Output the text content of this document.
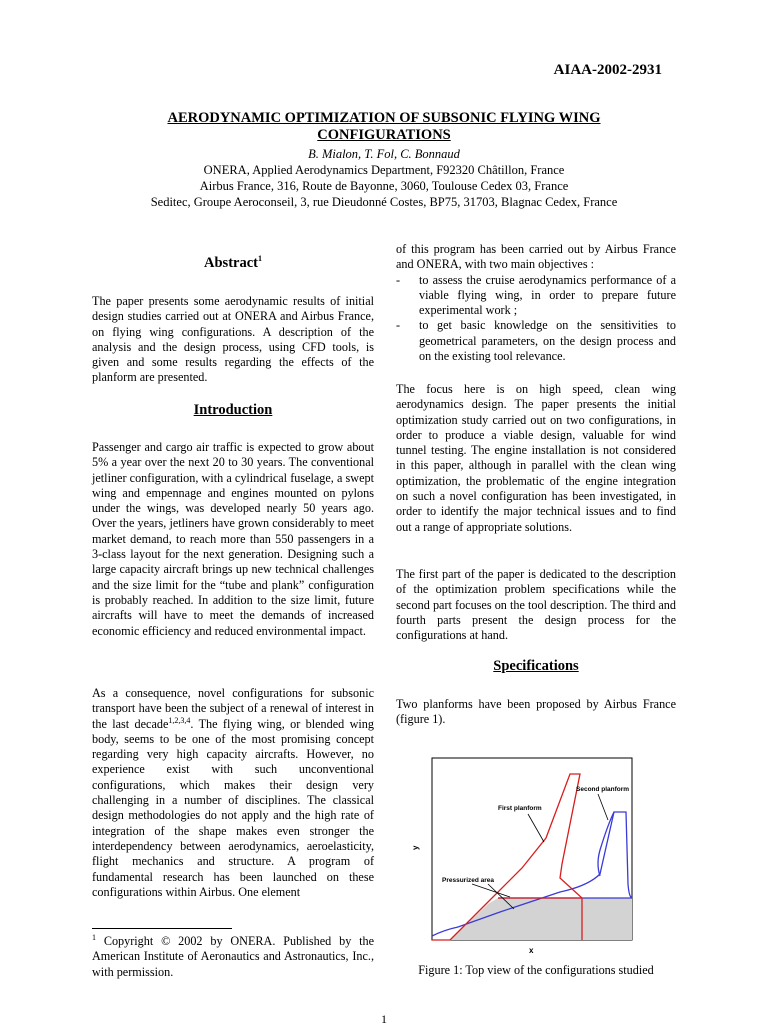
AIAA-2002-2931
AERODYNAMIC OPTIMIZATION OF SUBSONIC FLYING WING
CONFIGURATIONS
B. Mialon, T. Fol, C. Bonnaud
ONERA, Applied Aerodynamics Department, F92320 Châtillon, France
Airbus France, 316, Route de Bayonne, 3060, Toulouse Cedex 03, France
Seditec, Groupe Aeroconseil, 3, rue Dieudonné Costes, BP75, 31703, Blagnac Cedex, France
Abstract$^1$

The paper presents some aerodynamic results of initial design studies carried out at ONERA and Airbus France, on flying wing configurations. A description of the analysis and the design process, using CFD tools, is given and some results regarding the effects of the planform are presented.

Introduction

Passenger and cargo air traffic is expected to grow about 5% a year over the next 20 to 30 years. The conventional jetliner configuration, with a cylindrical fuselage, a swept wing and empennage and engines mounted on pylons under the wings, was developed nearly 50 years ago. Over the years, jetliners have grown considerably to meet market demand, to reach more than 550 passengers in a 3-class layout for the next generation. Designing such a large capacity aircraft brings up new technical challenges and the size limit for the “tube and plank” configuration is probably reached. In addition to the size limit, future aircrafts will have to meet the demands of increased economic efficiency and reduced environmental impact.

As a consequence, novel configurations for subsonic transport have been the subject of a renewal of interest in the last decade$^{1,2,3,4}$. The flying wing, or blended wing body, seems to be one of the most promising concept regarding very high capacity aircrafts. However, no experience exist with such unconventional configurations, which makes their design very challenging in a number of disciplines. The classical design methodologies do not apply and the high rate of integration of the shape makes even stronger the interdependency between aerodynamics, aeroelasticity, flight mechanics and structure. A program of fundamental research has been launched on these configurations within Airbus. One element

$^1$ Copyright © 2002 by ONERA. Published by the American Institute of Aeronautics and Astronautics, Inc., with permission.

of this program has been carried out by Airbus France and ONERA, with two main objectives :

- to assess the cruise aerodynamics performance of a viable flying wing, in order to prepare future experimental work ;
- to get basic knowledge on the sensitivities to geometrical parameters, on the design process and on the existing tool relevance.

The focus here is on high speed, clean wing aerodynamics design. The paper presents the initial optimization study carried out on two configurations, in order to produce a viable design, valuable for wind tunnel testing. The engine installation is not considered in this paper, although in parallel with the clean wing optimization, the problematic of the engine integration on such a novel configuration has been investigated, in order to identify the major technical issues and to find out a range of appropriate solutions.

The first part of the paper is dedicated to the description of the optimization problem specifications while the second part focuses on the tool description. The third and fourth parts present the design process for the configurations at hand.

Specifications

Two planforms have been proposed by Airbus France (figure 1).

Second planform
First planform
Pressurized area
x
y
Figure 1: Top view of the configurations studied
1
